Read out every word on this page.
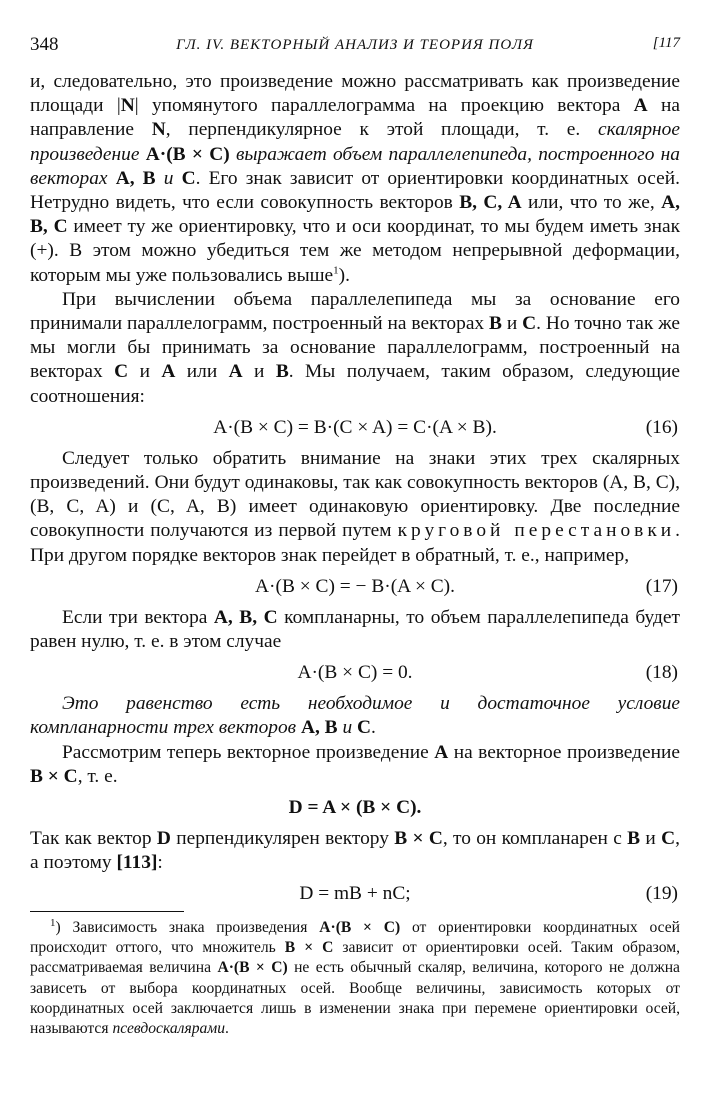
348	ГЛ. IV. ВЕКТОРНЫЙ АНАЛИЗ И ТЕОРИЯ ПОЛЯ	[117

и, следовательно, это произведение можно рассматривать как произведение площади |N| упомянутого параллелограмма на проекцию вектора A на направление N, перпендикулярное к этой площади, т. е. скалярное произведение A·(B × C) выражает объем параллелепипеда, построенного на векторах A, B и C. Его знак зависит от ориентировки координатных осей. Нетрудно видеть, что если совокупность векторов B, C, A или, что то же, A, B, C имеет ту же ориентировку, что и оси координат, то мы будем иметь знак (+). В этом можно убедиться тем же методом непрерывной деформации, которым мы уже пользовались выше$^1$).

При вычислении объема параллелепипеда мы за основание его принимали параллелограмм, построенный на векторах B и C. Но точно так же мы могли бы принимать за основание параллелограмм, построенный на векторах C и A или A и B. Мы получаем, таким образом, следующие соотношения:

A·(B × C) = B·(C × A) = C·(A × B).	(16)

Следует только обратить внимание на знаки этих трех скалярных произведений. Они будут одинаковы, так как совокупность векторов (A, B, C), (B, C, A) и (C, A, B) имеет одинаковую ориентировку. Две последние совокупности получаются из первой путем круговой перестановки. При другом порядке векторов знак перейдет в обратный, т. е., например,

A·(B × C) = − B·(A × C).	(17)

Если три вектора A, B, C компланарны, то объем параллелепипеда будет равен нулю, т. е. в этом случае

A·(B × C) = 0.	(18)

Это равенство есть необходимое и достаточное условие компланарности трех векторов A, B и C.

Рассмотрим теперь векторное произведение A на векторное произведение B × C, т. е.

D = A × (B × C).

Так как вектор D перпендикулярен вектору B × C, то он компланарен с B и C, а поэтому [113]:

D = mB + nC;	(19)

$^1$) Зависимость знака произведения A·(B × C) от ориентировки координатных осей происходит оттого, что множитель B × C зависит от ориентировки осей. Таким образом, рассматриваемая величина A·(B × C) не есть обычный скаляр, величина, которого не должна зависеть от выбора координатных осей. Вообще величины, зависимость которых от координатных осей заключается лишь в изменении знака при перемене ориентировки осей, называются псевдоскалярами.
